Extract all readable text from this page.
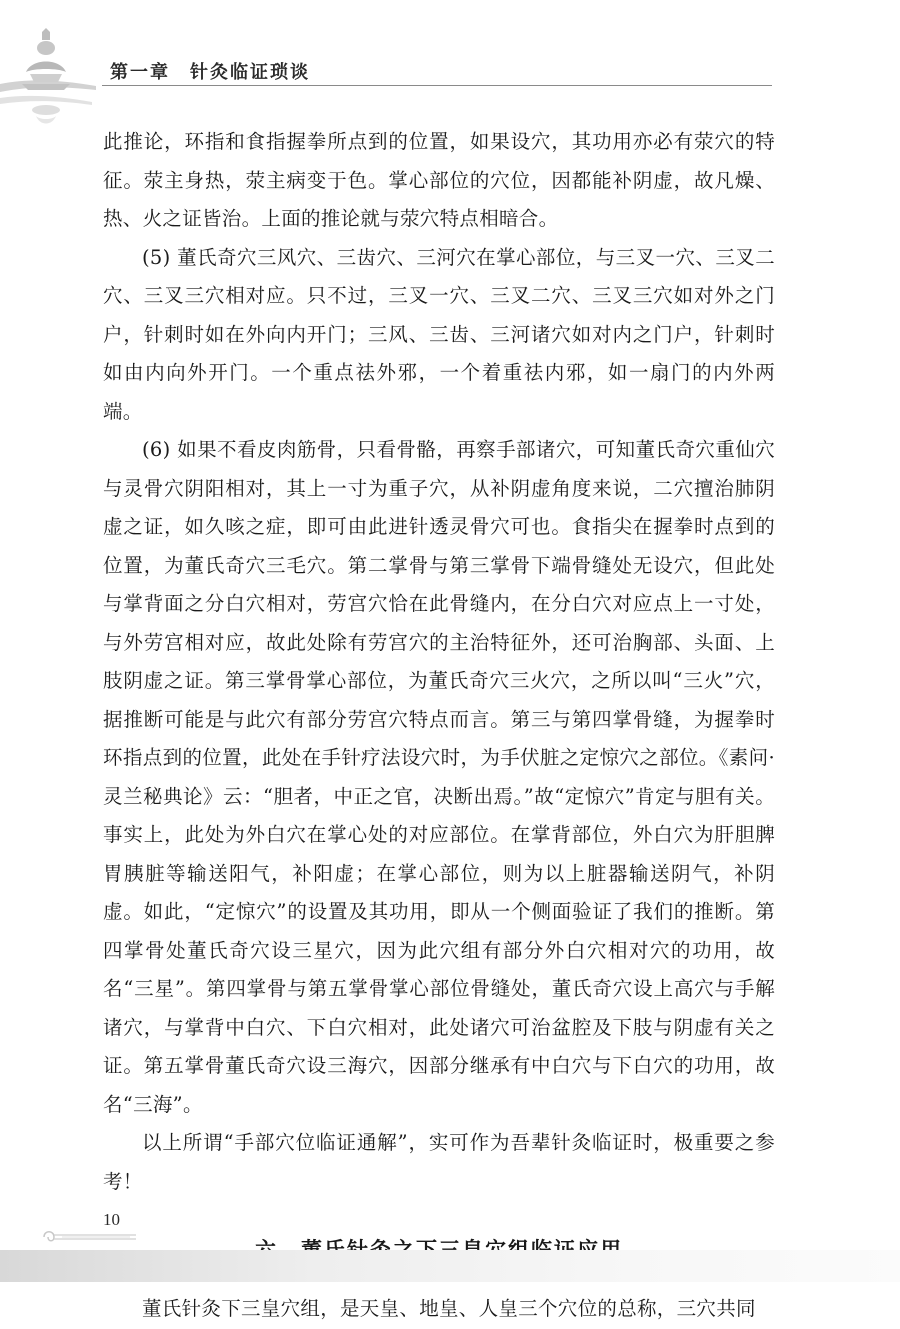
第一章　针灸临证琐谈

此推论，环指和食指握拳所点到的位置，如果设穴，其功用亦必有荥穴的特征。荥主身热，荥主病变于色。掌心部位的穴位，因都能补阴虚，故凡燥、热、火之证皆治。上面的推论就与荥穴特点相暗合。

(5) 董氏奇穴三风穴、三齿穴、三河穴在掌心部位，与三叉一穴、三叉二穴、三叉三穴相对应。只不过，三叉一穴、三叉二穴、三叉三穴如对外之门户，针刺时如在外向内开门；三风、三齿、三河诸穴如对内之门户，针刺时如由内向外开门。一个重点祛外邪，一个着重祛内邪，如一扇门的内外两端。

(6) 如果不看皮肉筋骨，只看骨骼，再察手部诸穴，可知董氏奇穴重仙穴与灵骨穴阴阳相对，其上一寸为重子穴，从补阴虚角度来说，二穴擅治肺阴虚之证，如久咳之症，即可由此进针透灵骨穴可也。食指尖在握拳时点到的位置，为董氏奇穴三毛穴。第二掌骨与第三掌骨下端骨缝处无设穴，但此处与掌背面之分白穴相对，劳宫穴恰在此骨缝内，在分白穴对应点上一寸处，与外劳宫相对应，故此处除有劳宫穴的主治特征外，还可治胸部、头面、上肢阴虚之证。第三掌骨掌心部位，为董氏奇穴三火穴，之所以叫“三火”穴，据推断可能是与此穴有部分劳宫穴特点而言。第三与第四掌骨缝，为握拳时环指点到的位置，此处在手针疗法设穴时，为手伏脏之定惊穴之部位。《素问·灵兰秘典论》云：“胆者，中正之官，决断出焉。”故“定惊穴”肯定与胆有关。事实上，此处为外白穴在掌心处的对应部位。在掌背部位，外白穴为肝胆脾胃胰脏等输送阳气，补阳虚；在掌心部位，则为以上脏器输送阴气，补阴虚。如此，“定惊穴”的设置及其功用，即从一个侧面验证了我们的推断。第四掌骨处董氏奇穴设三星穴，因为此穴组有部分外白穴相对穴的功用，故名“三星”。第四掌骨与第五掌骨掌心部位骨缝处，董氏奇穴设上高穴与手解诸穴，与掌背中白穴、下白穴相对，此处诸穴可治盆腔及下肢与阴虚有关之证。第五掌骨董氏奇穴设三海穴，因部分继承有中白穴与下白穴的功用，故名“三海”。

以上所谓“手部穴位临证通解”，实可作为吾辈针灸临证时，极重要之参考！

董氏针灸下三皇穴组，是天皇、地皇、人皇三个穴位的总称，三穴共同

10
